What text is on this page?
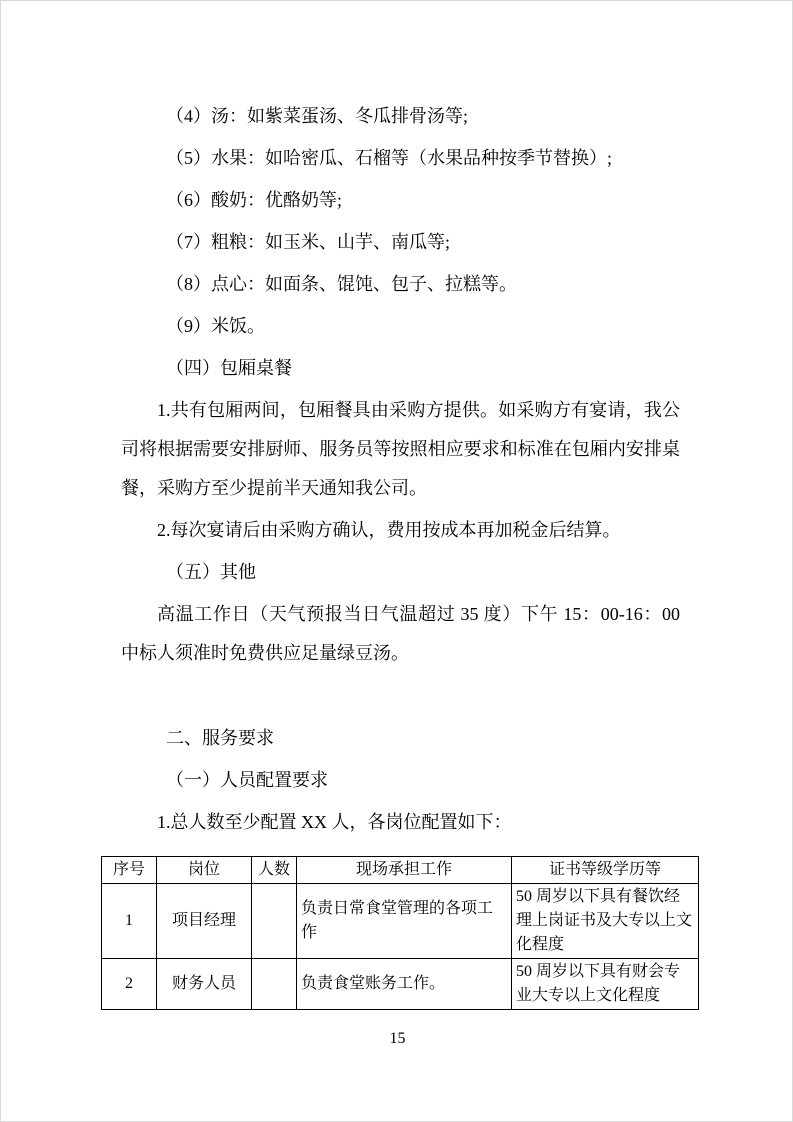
（4）汤：如紫菜蛋汤、冬瓜排骨汤等;

（5）水果：如哈密瓜、石榴等（水果品种按季节替换）;

（6）酸奶：优酪奶等;

（7）粗粮：如玉米、山芋、南瓜等;

（8）点心：如面条、馄饨、包子、拉糕等。

（9）米饭。

（四）包厢桌餐

1.共有包厢两间，包厢餐具由采购方提供。如采购方有宴请，我公司将根据需要安排厨师、服务员等按照相应要求和标准在包厢内安排桌餐，采购方至少提前半天通知我公司。

2.每次宴请后由采购方确认，费用按成本再加税金后结算。

（五）其他

高温工作日（天气预报当日气温超过 35 度）下午 15：00-16：00 中标人须准时免费供应足量绿豆汤。

二、服务要求

（一）人员配置要求

1.总人数至少配置 XX 人，各岗位配置如下：

序号	岗位	人数	现场承担工作	证书等级学历等
1	项目经理		负责日常食堂管理的各项工作	50 周岁以下具有餐饮经理上岗证书及大专以上文化程度
2	财务人员		负责食堂账务工作。	50 周岁以下具有财会专业大专以上文化程度
15
